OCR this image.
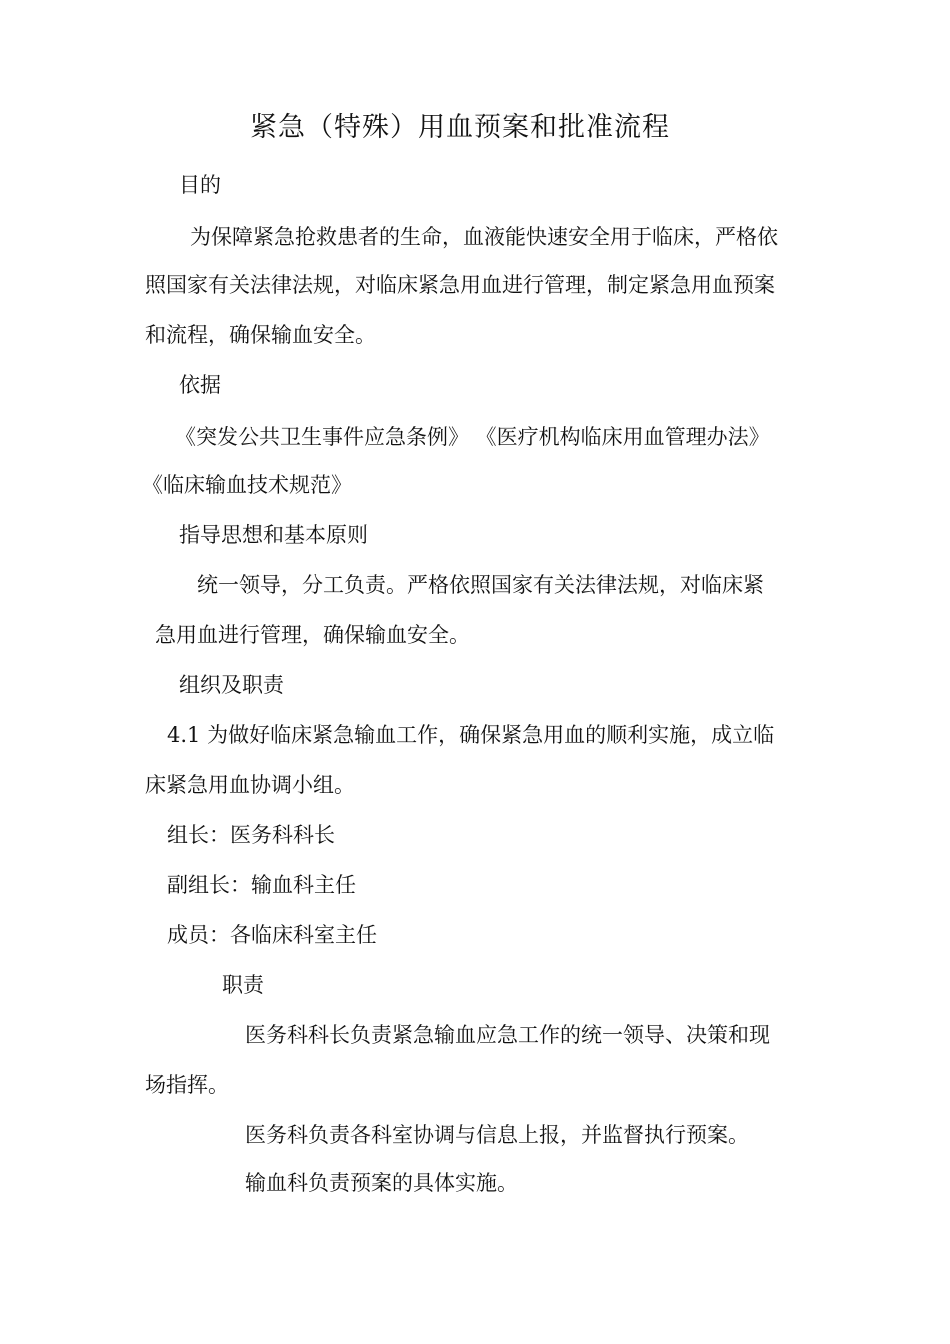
紧急（特殊）用血预案和批准流程
目的
为保障紧急抢救患者的生命，血液能快速安全用于临床，严格依
照国家有关法律法规，对临床紧急用血进行管理，制定紧急用血预案
和流程，确保输血安全。
依据
《突发公共卫生事件应急条例》 《医疗机构临床用血管理办法》
《临床输血技术规范》
指导思想和基本原则
统一领导，分工负责。严格依照国家有关法律法规，对临床紧
急用血进行管理，确保输血安全。
组织及职责
4.1 为做好临床紧急输血工作，确保紧急用血的顺利实施，成立临
床紧急用血协调小组。
组长：医务科科长
副组长：输血科主任
成员：各临床科室主任
职责
医务科科长负责紧急输血应急工作的统一领导、决策和现
场指挥。
医务科负责各科室协调与信息上报，并监督执行预案。
输血科负责预案的具体实施。
